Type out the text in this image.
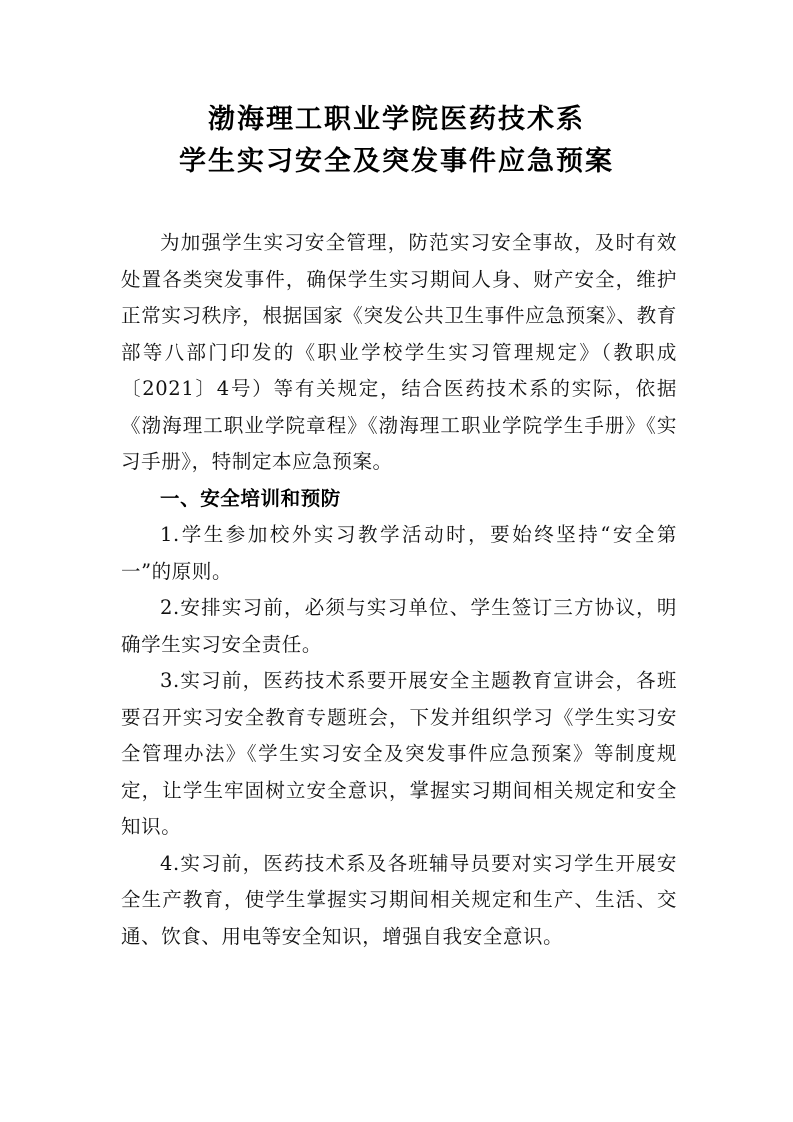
渤海理工职业学院医药技术系
学生实习安全及突发事件应急预案

为加强学生实习安全管理，防范实习安全事故，及时有效处置各类突发事件，确保学生实习期间人身、财产安全，维护正常实习秩序，根据国家《突发公共卫生事件应急预案》、教育部等八部门印发的《职业学校学生实习管理规定》（教职成〔2021〕4号）等有关规定，结合医药技术系的实际，依据《渤海理工职业学院章程》《渤海理工职业学院学生手册》《实习手册》，特制定本应急预案。

一、安全培训和预防

1.学生参加校外实习教学活动时，要始终坚持“安全第一”的原则。

2.安排实习前，必须与实习单位、学生签订三方协议，明确学生实习安全责任。

3.实习前，医药技术系要开展安全主题教育宣讲会，各班要召开实习安全教育专题班会，下发并组织学习《学生实习安全管理办法》《学生实习安全及突发事件应急预案》等制度规定，让学生牢固树立安全意识，掌握实习期间相关规定和安全知识。

4.实习前，医药技术系及各班辅导员要对实习学生开展安全生产教育，使学生掌握实习期间相关规定和生产、生活、交通、饮食、用电等安全知识，增强自我安全意识。
